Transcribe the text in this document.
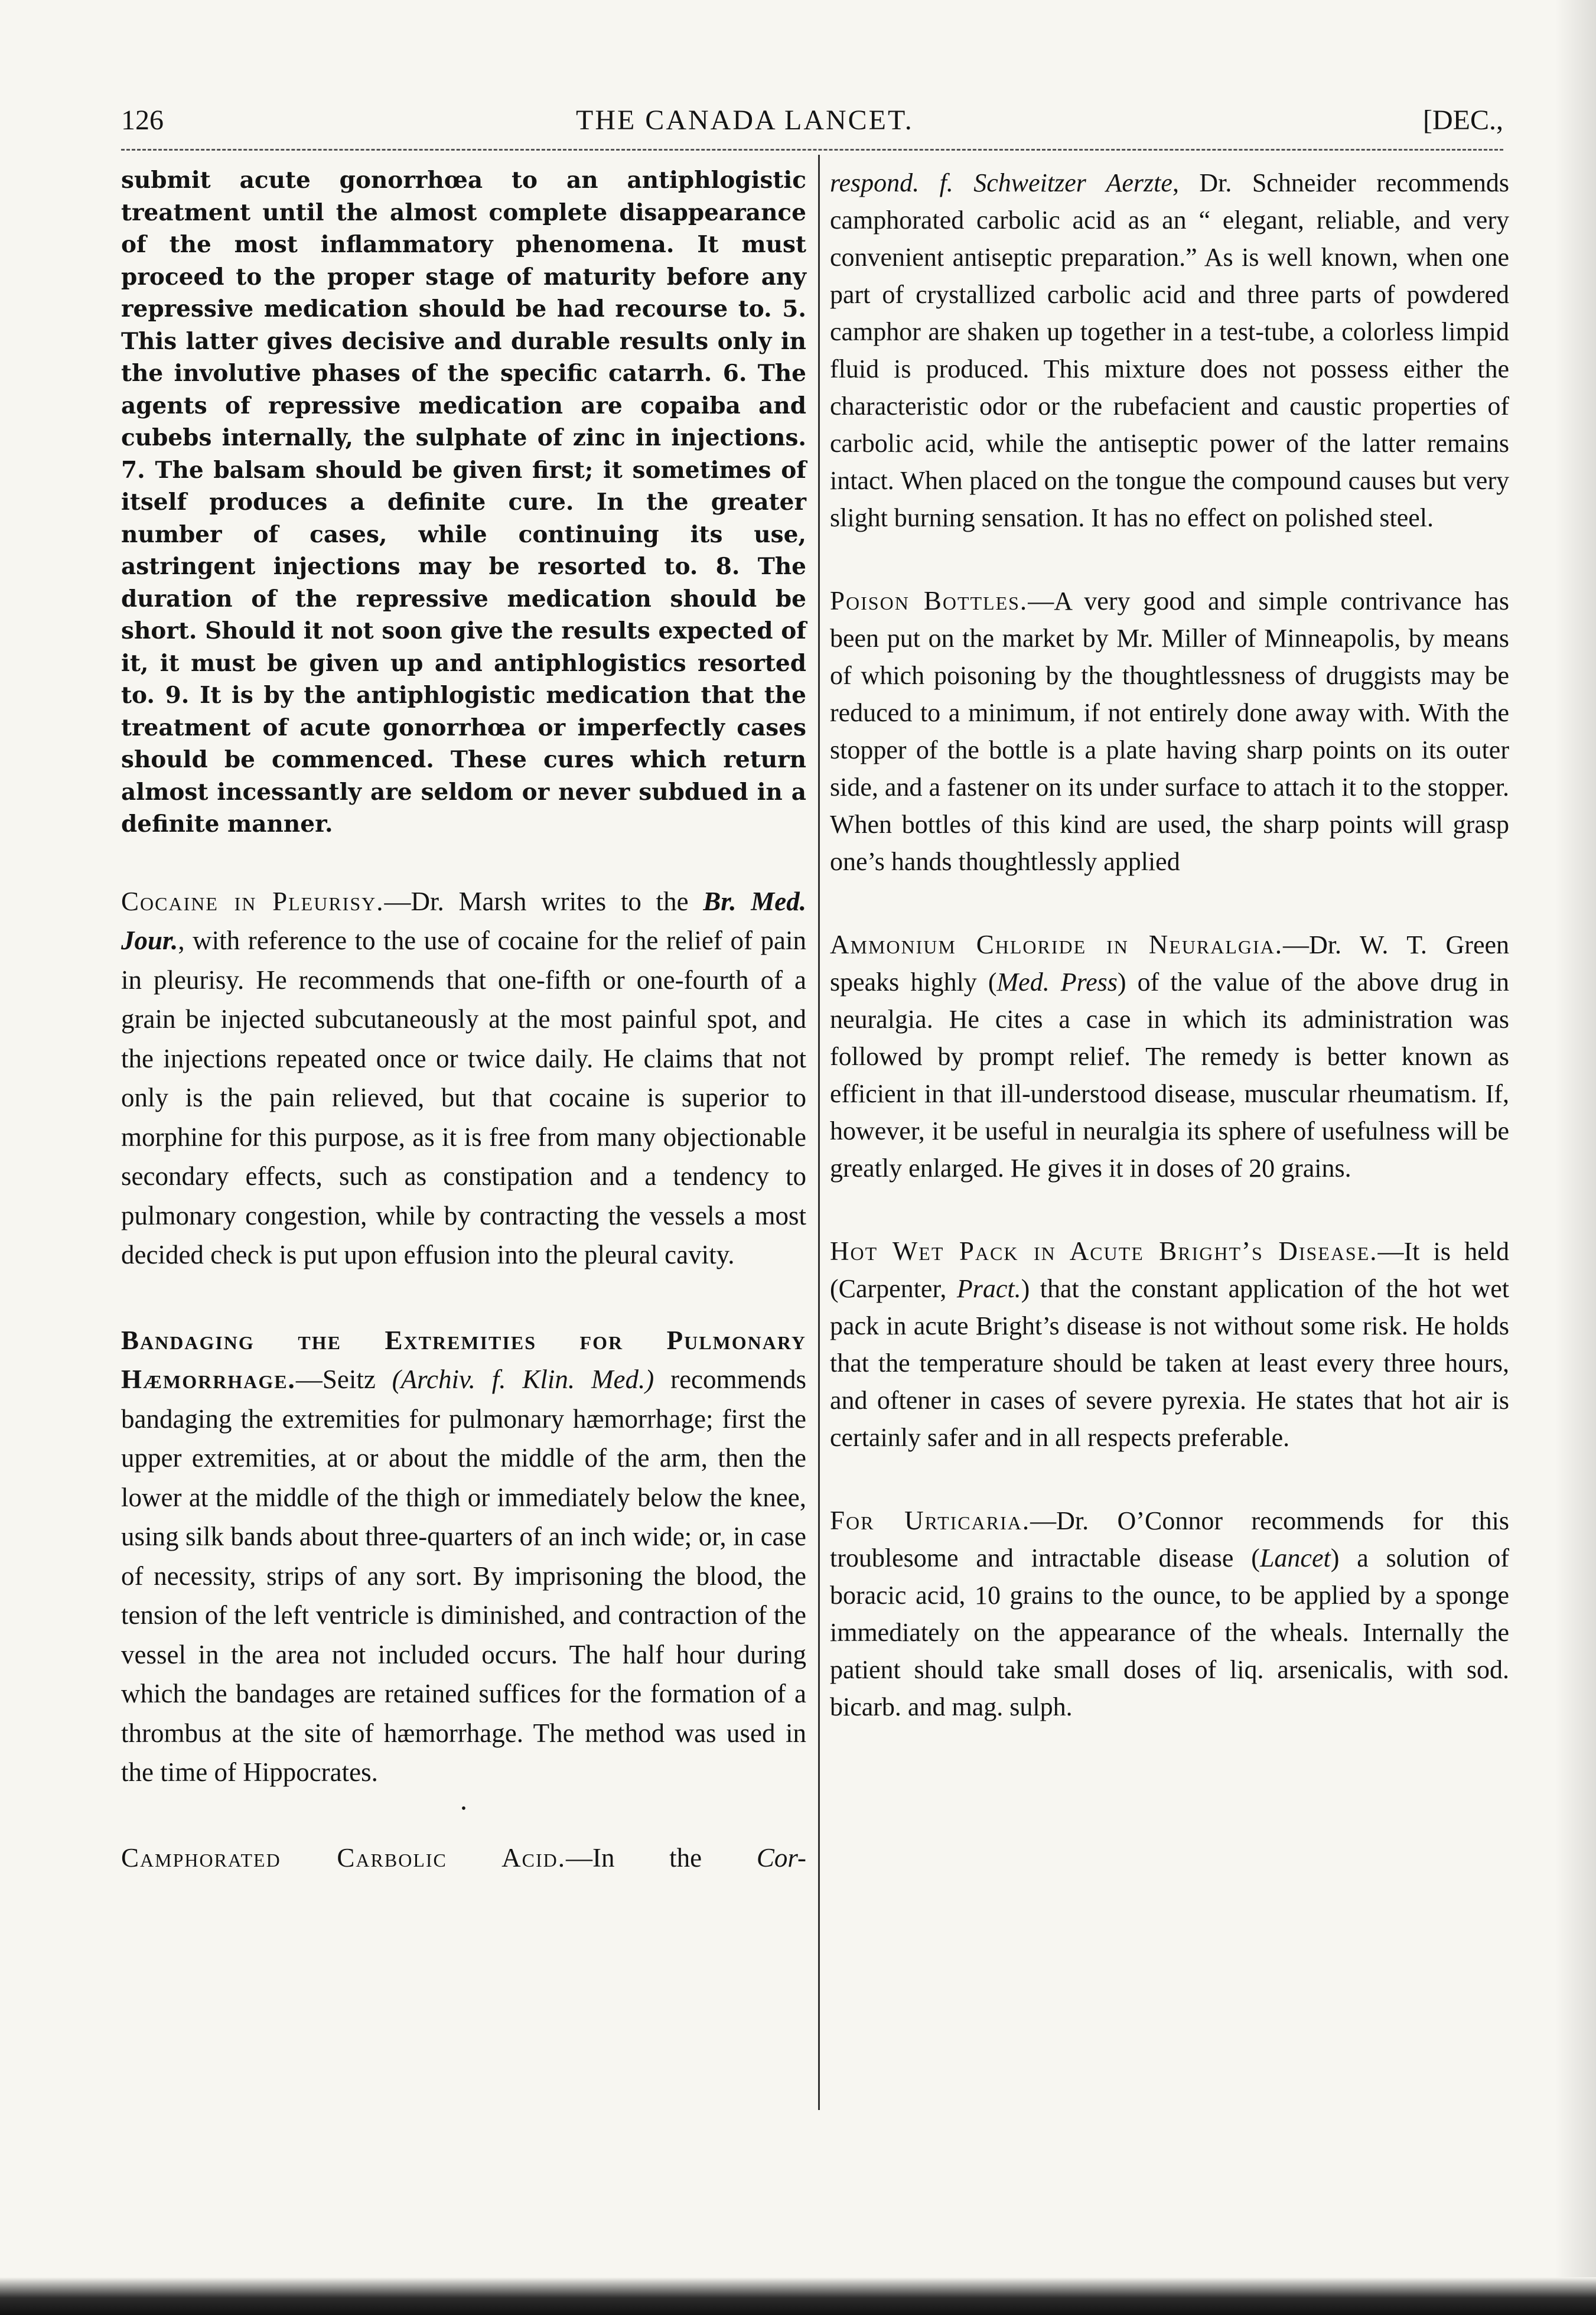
126	THE CANADA LANCET.	[DEC.,

submit acute gonorrhœa to an antiphlogistic treatment until the almost complete disappearance of the most inflammatory phenomena. It must proceed to the proper stage of maturity before any repressive medication should be had recourse to. 5. This latter gives decisive and durable results only in the involutive phases of the specific catarrh. 6. The agents of repressive medication are copaiba and cubebs internally, the sulphate of zinc in injections. 7. The balsam should be given first; it sometimes of itself produces a definite cure. In the greater number of cases, while continuing its use, astringent injections may be resorted to. 8. The duration of the repressive medication should be short. Should it not soon give the results expected of it, it must be given up and antiphlogistics resorted to. 9. It is by the antiphlogistic medication that the treatment of acute gonorrhœa or imperfectly cases should be commenced. These cures which return almost incessantly are seldom or never subdued in a definite manner.

Cocaine in Pleurisy.—Dr. Marsh writes to the Br. Med. Jour., with reference to the use of cocaine for the relief of pain in pleurisy. He recommends that one-fifth or one-fourth of a grain be injected subcutaneously at the most painful spot, and the injections repeated once or twice daily. He claims that not only is the pain relieved, but that cocaine is superior to morphine for this purpose, as it is free from many objectionable secondary effects, such as constipation and a tendency to pulmonary congestion, while by contracting the vessels a most decided check is put upon effusion into the pleural cavity.

Bandaging the Extremities for Pulmonary Hæmorrhage.—Seitz (Archiv. f. Klin. Med.) recommends bandaging the extremities for pulmonary hæmorrhage; first the upper extremities, at or about the middle of the arm, then the lower at the middle of the thigh or immediately below the knee, using silk bands about three-quarters of an inch wide; or, in case of necessity, strips of any sort. By imprisoning the blood, the tension of the left ventricle is diminished, and contraction of the vessel in the area not included occurs. The half hour during which the bandages are retained suffices for the formation of a thrombus at the site of hæmorrhage. The method was used in the time of Hippocrates.

•

Camphorated Carbolic Acid.—In the Cor-

respond. f. Schweitzer Aerzte, Dr. Schneider recommends camphorated carbolic acid as an “ elegant, reliable, and very convenient antiseptic preparation.” As is well known, when one part of crystallized carbolic acid and three parts of powdered camphor are shaken up together in a test-tube, a colorless limpid fluid is produced. This mixture does not possess either the characteristic odor or the rubefacient and caustic properties of carbolic acid, while the antiseptic power of the latter remains intact. When placed on the tongue the compound causes but very slight burning sensation. It has no effect on polished steel.

Poison Bottles.—A very good and simple contrivance has been put on the market by Mr. Miller of Minneapolis, by means of which poisoning by the thoughtlessness of druggists may be reduced to a minimum, if not entirely done away with. With the stopper of the bottle is a plate having sharp points on its outer side, and a fastener on its under surface to attach it to the stopper. When bottles of this kind are used, the sharp points will grasp one’s hands thoughtlessly applied

Ammonium Chloride in Neuralgia.—Dr. W. T. Green speaks highly (Med. Press) of the value of the above drug in neuralgia. He cites a case in which its administration was followed by prompt relief. The remedy is better known as efficient in that ill-understood disease, muscular rheumatism. If, however, it be useful in neuralgia its sphere of usefulness will be greatly enlarged. He gives it in doses of 20 grains.

Hot Wet Pack in Acute Bright’s Disease.—It is held (Carpenter, Pract.) that the constant application of the hot wet pack in acute Bright’s disease is not without some risk. He holds that the temperature should be taken at least every three hours, and oftener in cases of severe pyrexia. He states that hot air is certainly safer and in all respects preferable.

For Urticaria.—Dr. O’Connor recommends for this troublesome and intractable disease (Lancet) a solution of boracic acid, 10 grains to the ounce, to be applied by a sponge immediately on the appearance of the wheals. Internally the patient should take small doses of liq. arsenicalis, with sod. bicarb. and mag. sulph.
